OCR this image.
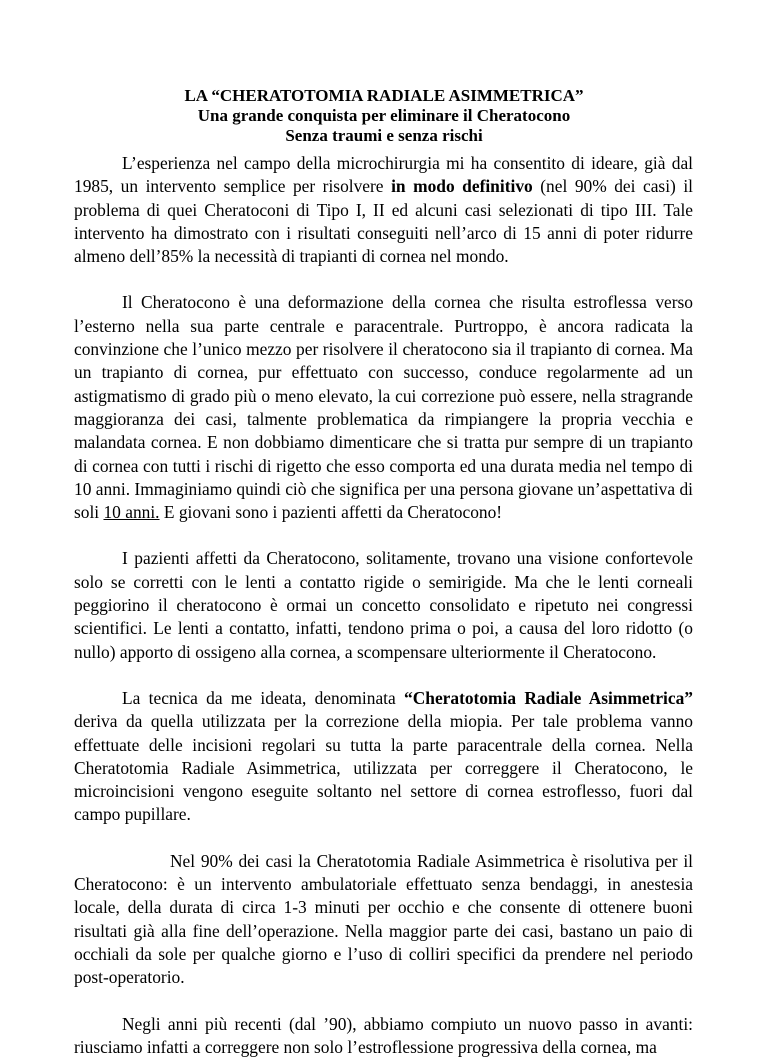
LA “CHERATOTOMIA RADIALE ASIMMETRICA”
Una grande conquista per eliminare il Cheratocono
Senza traumi e senza rischi

L’esperienza nel campo della microchirurgia mi ha consentito di ideare, già dal 1985, un intervento semplice per risolvere in modo definitivo (nel 90% dei casi) il problema di quei Cheratoconi di Tipo I, II ed alcuni casi selezionati di tipo III. Tale intervento ha dimostrato con i risultati conseguiti nell’arco di 15 anni di poter ridurre almeno dell’85% la necessità di trapianti di cornea nel mondo.

Il Cheratocono è una deformazione della cornea che risulta estroflessa verso l’esterno nella sua parte centrale e paracentrale. Purtroppo, è ancora radicata la convinzione che l’unico mezzo per risolvere il cheratocono sia il trapianto di cornea. Ma un trapianto di cornea, pur effettuato con successo, conduce regolarmente ad un astigmatismo di grado più o meno elevato, la cui correzione può essere, nella stragrande maggioranza dei casi, talmente problematica da rimpiangere la propria vecchia e malandata cornea. E non dobbiamo dimenticare che si tratta pur sempre di un trapianto di cornea con tutti i rischi di rigetto che esso comporta ed una durata media nel tempo di 10 anni. Immaginiamo quindi ciò che significa per una persona giovane un’aspettativa di soli 10 anni. E giovani sono i pazienti affetti da Cheratocono!

I pazienti affetti da Cheratocono, solitamente, trovano una visione confortevole solo se corretti con le lenti a contatto rigide o semirigide. Ma che le lenti corneali peggiorino il cheratocono è ormai un concetto consolidato e ripetuto nei congressi scientifici. Le lenti a contatto, infatti, tendono prima o poi, a causa del loro ridotto (o nullo) apporto di ossigeno alla cornea, a scompensare ulteriormente il Cheratocono.

La tecnica da me ideata, denominata “Cheratotomia Radiale Asimmetrica” deriva da quella utilizzata per la correzione della miopia. Per tale problema vanno effettuate delle incisioni regolari su tutta la parte paracentrale della cornea. Nella Cheratotomia Radiale Asimmetrica, utilizzata per correggere il Cheratocono, le microincisioni vengono eseguite soltanto nel settore di cornea estroflesso, fuori dal campo pupillare.

Nel 90% dei casi la Cheratotomia Radiale Asimmetrica è risolutiva per il Cheratocono: è un intervento ambulatoriale effettuato senza bendaggi, in anestesia locale, della durata di circa 1-3 minuti per occhio e che consente di ottenere buoni risultati già alla fine dell’operazione. Nella maggior parte dei casi, bastano un paio di occhiali da sole per qualche giorno e l’uso di colliri specifici da prendere nel periodo post-operatorio.

Negli anni più recenti (dal ’90), abbiamo compiuto un nuovo passo in avanti: riusciamo infatti a correggere non solo l’estroflessione progressiva della cornea, ma
